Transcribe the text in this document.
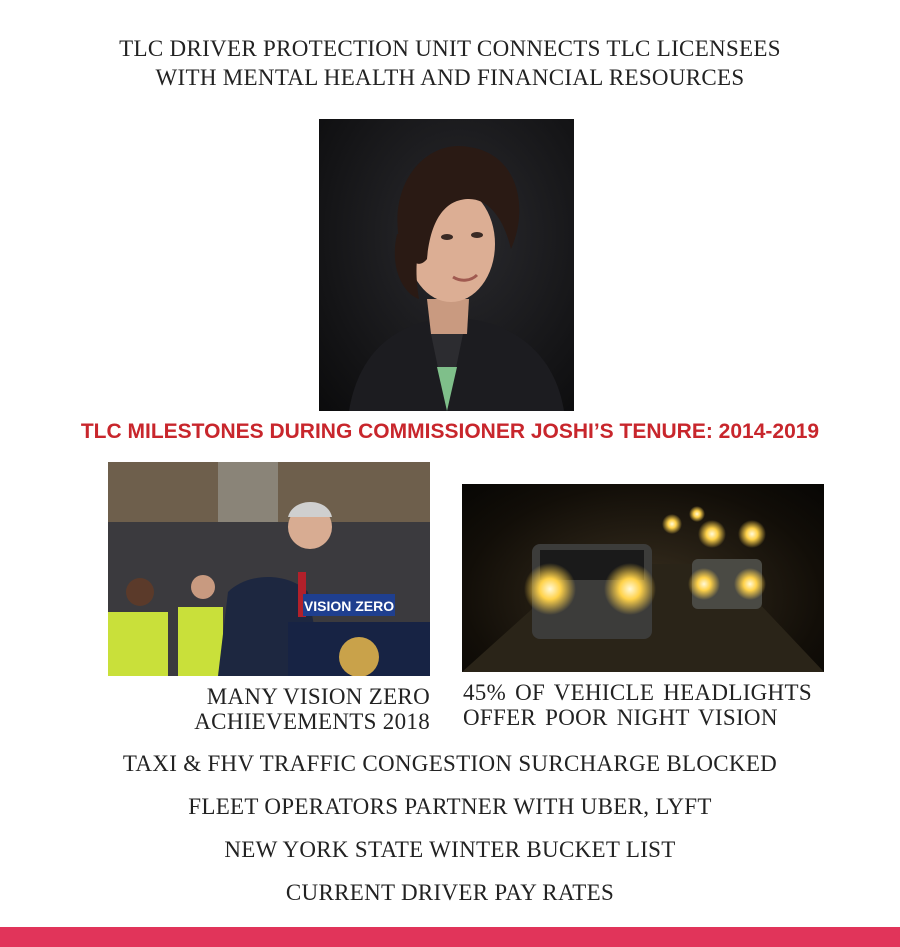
TLC DRIVER PROTECTION UNIT CONNECTS TLC LICENSEES
WITH MENTAL HEALTH AND FINANCIAL RESOURCES
TLC MILESTONES DURING COMMISSIONER JOSHI’S TENURE: 2014-2019
VISION ZERO
MANY VISION ZERO
ACHIEVEMENTS 2018
45% OF VEHICLE HEADLIGHTS
OFFER POOR NIGHT VISION
TAXI & FHV TRAFFIC CONGESTION SURCHARGE BLOCKED
FLEET OPERATORS PARTNER WITH UBER, LYFT
NEW YORK STATE WINTER BUCKET LIST
CURRENT DRIVER PAY RATES
